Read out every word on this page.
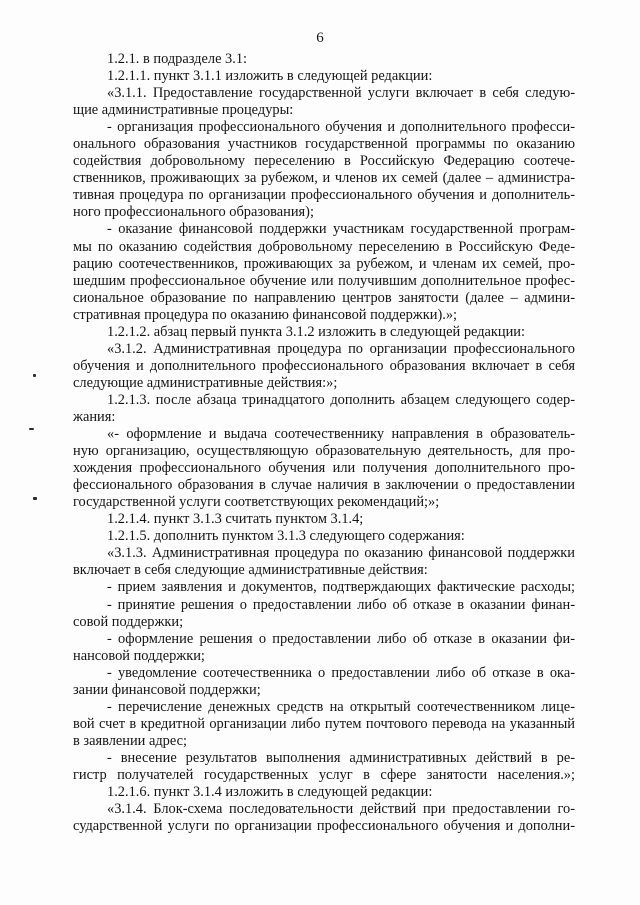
6
1.2.1. в подразделе 3.1:
1.2.1.1. пункт 3.1.1 изложить в следующей редакции:
«3.1.1. Предоставление государственной услуги включает в себя следую-
щие административные процедуры:
- организация профессионального обучения и дополнительного професси-
онального образования участников государственной программы по оказанию
содействия добровольному переселению в Российскую Федерацию соотече-
ственников, проживающих за рубежом, и членов их семей (далее – администра-
тивная процедура по организации профессионального обучения и дополнитель-
ного профессионального образования);
- оказание финансовой поддержки участникам государственной програм-
мы по оказанию содействия добровольному переселению в Российскую Феде-
рацию соотечественников, проживающих за рубежом, и членам их семей, про-
шедшим профессиональное обучение или получившим дополнительное профес-
сиональное образование по направлению центров занятости (далее – админи-
стративная процедура по оказанию финансовой поддержки).»;
1.2.1.2. абзац первый пункта 3.1.2 изложить в следующей редакции:
«3.1.2. Административная процедура по организации профессионального
обучения и дополнительного профессионального образования включает в себя
следующие административные действия:»;
1.2.1.3. после абзаца тринадцатого дополнить абзацем следующего содер-
жания:
«- оформление и выдача соотечественнику направления в образователь-
ную организацию, осуществляющую образовательную деятельность, для про-
хождения профессионального обучения или получения дополнительного про-
фессионального образования в случае наличия в заключении о предоставлении
государственной услуги соответствующих рекомендаций;»;
1.2.1.4. пункт 3.1.3 считать пунктом 3.1.4;
1.2.1.5. дополнить пунктом 3.1.3 следующего содержания:
«3.1.3. Административная процедура по оказанию финансовой поддержки
включает в себя следующие административные действия:
- прием заявления и документов, подтверждающих фактические расходы;
- принятие решения о предоставлении либо об отказе в оказании финан-
совой поддержки;
- оформление решения о предоставлении либо об отказе в оказании фи-
нансовой поддержки;
- уведомление соотечественника о предоставлении либо об отказе в ока-
зании финансовой поддержки;
- перечисление денежных средств на открытый соотечественником лице-
вой счет в кредитной организации либо путем почтового перевода на указанный
в заявлении адрес;
- внесение результатов выполнения административных действий в ре-
гистр получателей государственных услуг в сфере занятости населения.»;
1.2.1.6. пункт 3.1.4 изложить в следующей редакции:
«3.1.4. Блок-схема последовательности действий при предоставлении го-
сударственной услуги по организации профессионального обучения и дополни-
